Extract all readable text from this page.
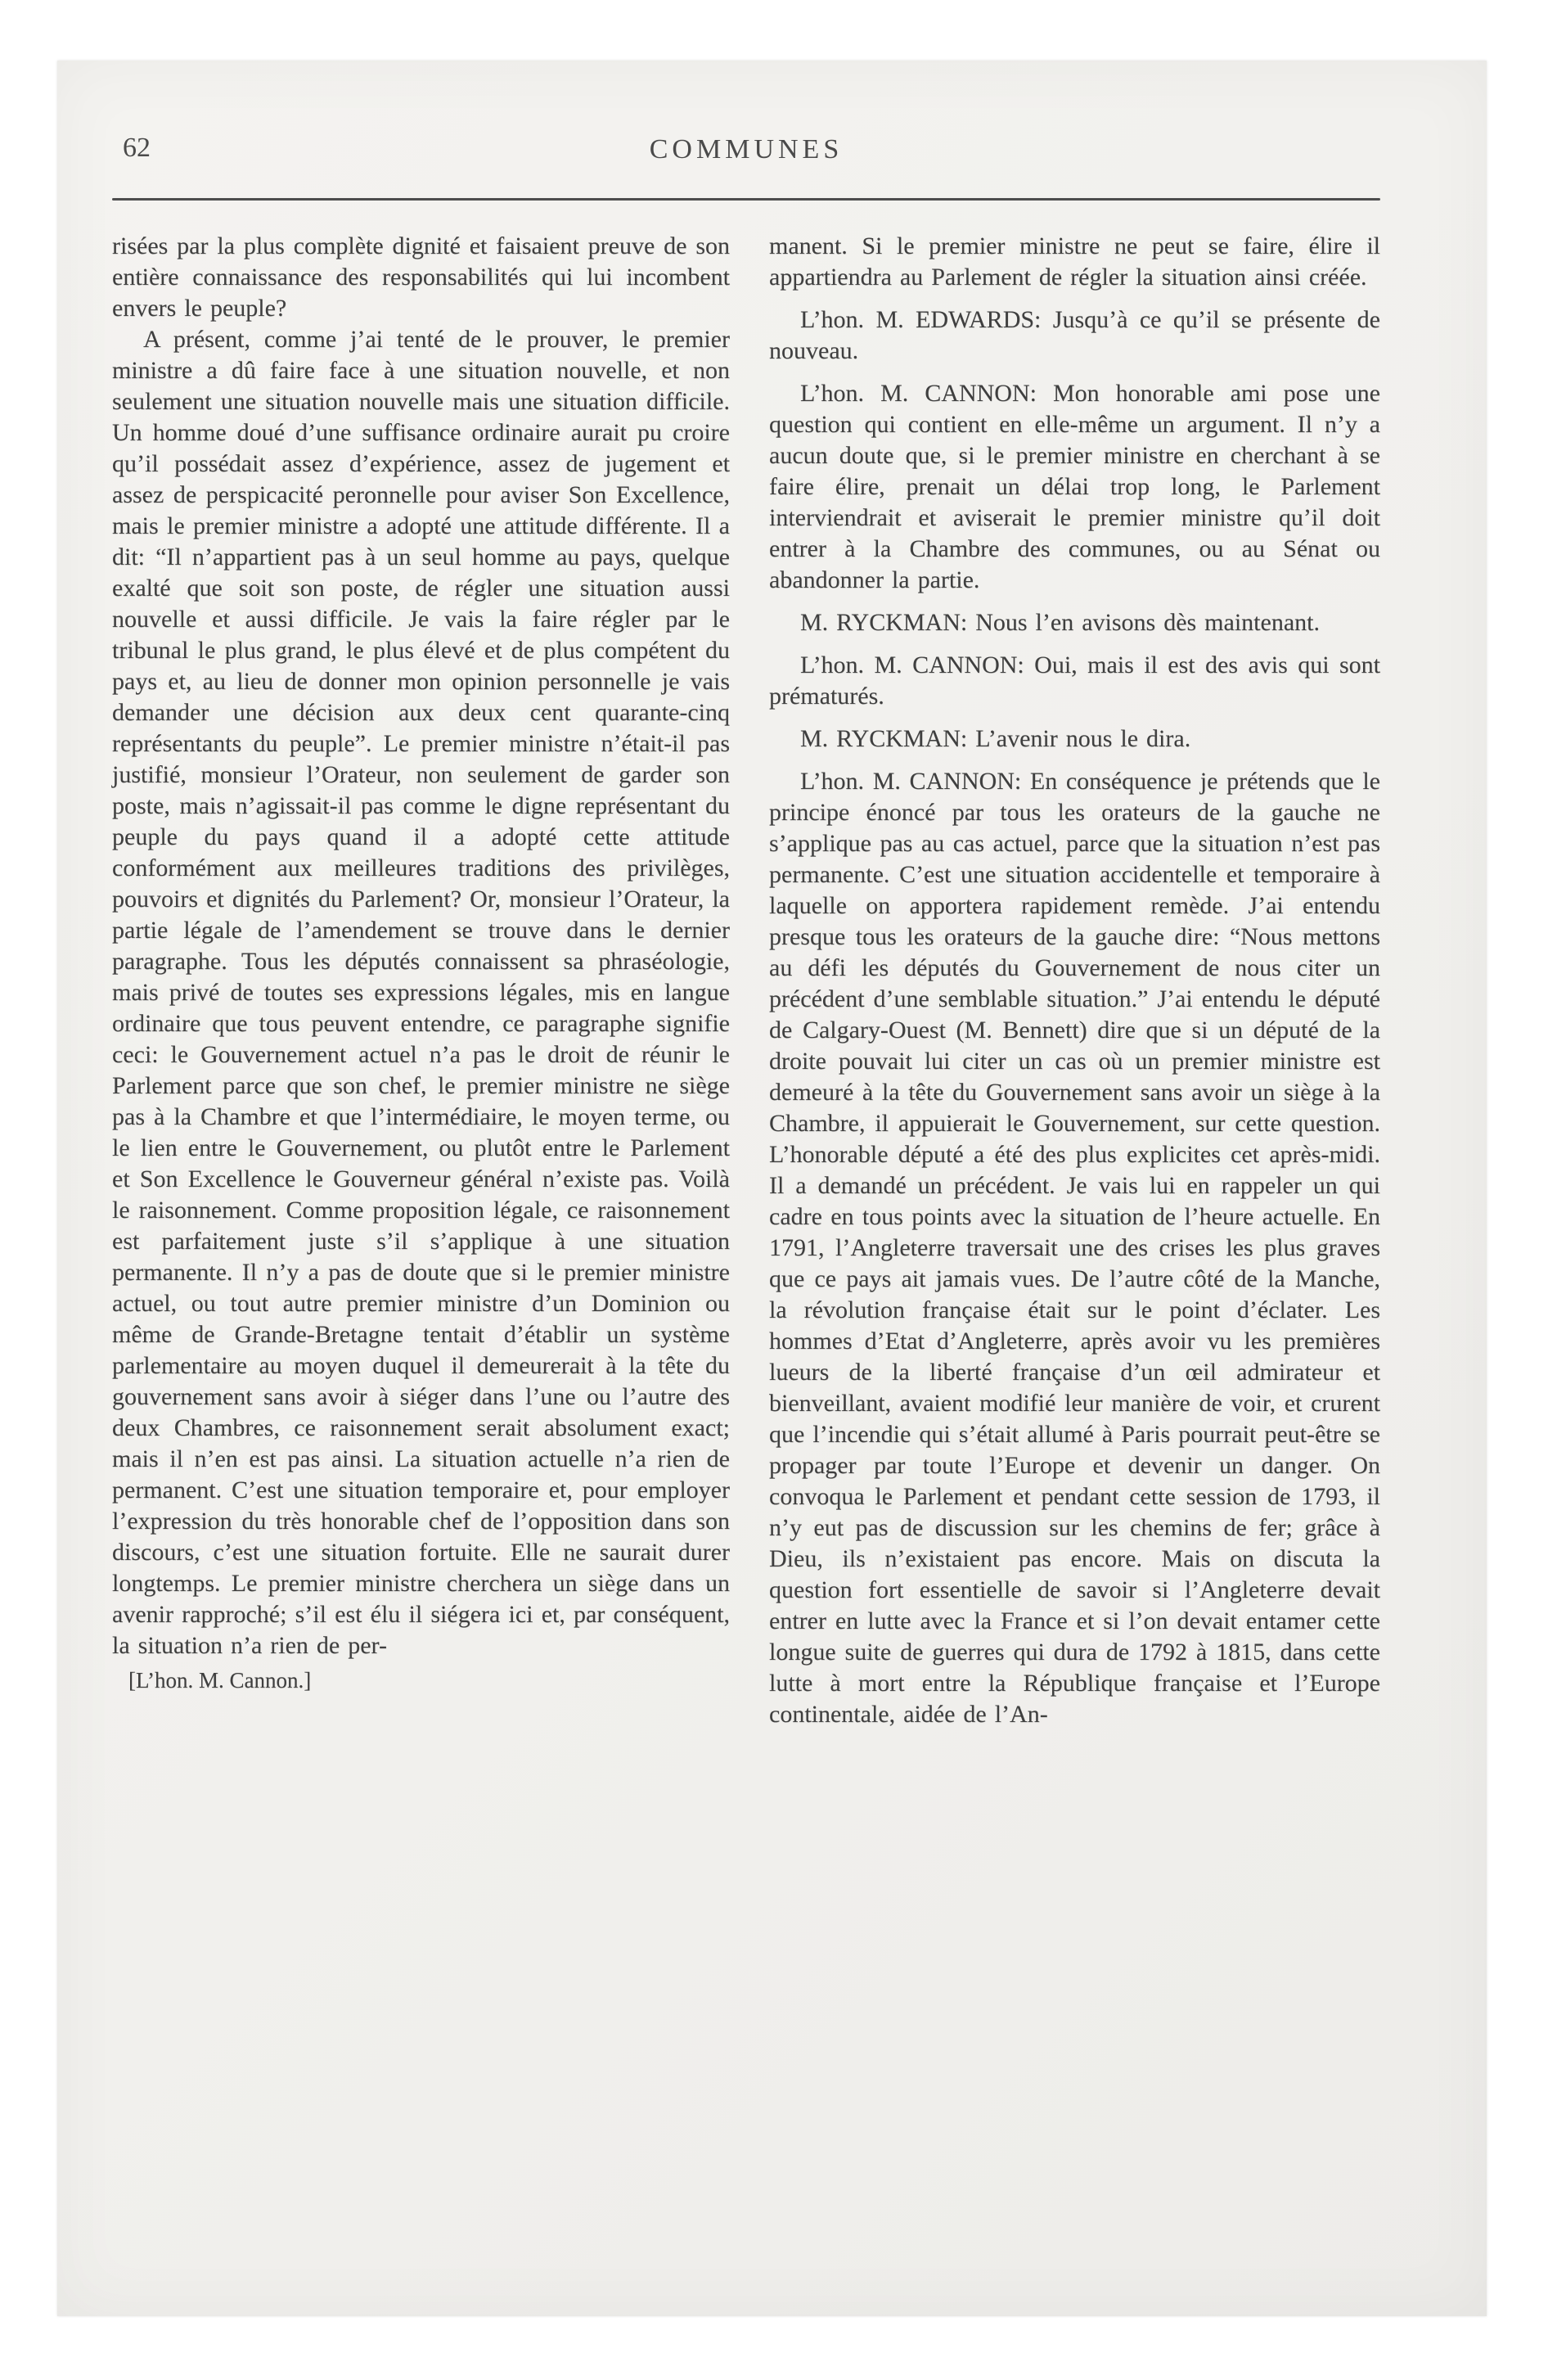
62	COMMUNES

risées par la plus complète dignité et faisaient preuve de son entière connaissance des responsabilités qui lui incombent envers le peuple?

A présent, comme j’ai tenté de le prouver, le premier ministre a dû faire face à une situation nouvelle, et non seulement une situation nouvelle mais une situation difficile. Un homme doué d’une suffisance ordinaire aurait pu croire qu’il possédait assez d’expérience, assez de jugement et assez de perspicacité peronnelle pour aviser Son Excellence, mais le premier ministre a adopté une attitude différente. Il a dit: “Il n’appartient pas à un seul homme au pays, quelque exalté que soit son poste, de régler une situation aussi nouvelle et aussi difficile. Je vais la faire régler par le tribunal le plus grand, le plus élevé et de plus compétent du pays et, au lieu de donner mon opinion personnelle je vais demander une décision aux deux cent quarante-cinq représentants du peuple”. Le premier ministre n’était-il pas justifié, monsieur l’Orateur, non seulement de garder son poste, mais n’agissait-il pas comme le digne représentant du peuple du pays quand il a adopté cette attitude conformément aux meilleures traditions des privilèges, pouvoirs et dignités du Parlement? Or, monsieur l’Orateur, la partie légale de l’amendement se trouve dans le dernier paragraphe. Tous les députés connaissent sa phraséologie, mais privé de toutes ses expressions légales, mis en langue ordinaire que tous peuvent entendre, ce paragraphe signifie ceci: le Gouvernement actuel n’a pas le droit de réunir le Parlement parce que son chef, le premier ministre ne siège pas à la Chambre et que l’intermédiaire, le moyen terme, ou le lien entre le Gouvernement, ou plutôt entre le Parlement et Son Excellence le Gouverneur général n’existe pas. Voilà le raisonnement. Comme proposition légale, ce raisonnement est parfaitement juste s’il s’applique à une situation permanente. Il n’y a pas de doute que si le premier ministre actuel, ou tout autre premier ministre d’un Dominion ou même de Grande-Bretagne tentait d’établir un système parlementaire au moyen duquel il demeurerait à la tête du gouvernement sans avoir à siéger dans l’une ou l’autre des deux Chambres, ce raisonnement serait absolument exact; mais il n’en est pas ainsi. La situation actuelle n’a rien de permanent. C’est une situation temporaire et, pour employer l’expression du très honorable chef de l’opposition dans son discours, c’est une situation fortuite. Elle ne saurait durer longtemps. Le premier ministre cherchera un siège dans un avenir rapproché; s’il est élu il siégera ici et, par conséquent, la situation n’a rien de per-

[L’hon. M. Cannon.]

manent. Si le premier ministre ne peut se faire, élire il appartiendra au Parlement de régler la situation ainsi créée.

L’hon. M. EDWARDS: Jusqu’à ce qu’il se présente de nouveau.

L’hon. M. CANNON: Mon honorable ami pose une question qui contient en elle-même un argument. Il n’y a aucun doute que, si le premier ministre en cherchant à se faire élire, prenait un délai trop long, le Parlement interviendrait et aviserait le premier ministre qu’il doit entrer à la Chambre des communes, ou au Sénat ou abandonner la partie.

M. RYCKMAN: Nous l’en avisons dès maintenant.

L’hon. M. CANNON: Oui, mais il est des avis qui sont prématurés.

M. RYCKMAN: L’avenir nous le dira.

L’hon. M. CANNON: En conséquence je prétends que le principe énoncé par tous les orateurs de la gauche ne s’applique pas au cas actuel, parce que la situation n’est pas permanente. C’est une situation accidentelle et temporaire à laquelle on apportera rapidement remède. J’ai entendu presque tous les orateurs de la gauche dire: “Nous mettons au défi les députés du Gouvernement de nous citer un précédent d’une semblable situation.” J’ai entendu le député de Calgary-Ouest (M. Bennett) dire que si un député de la droite pouvait lui citer un cas où un premier ministre est demeuré à la tête du Gouvernement sans avoir un siège à la Chambre, il appuierait le Gouvernement, sur cette question. L’honorable député a été des plus explicites cet après-midi. Il a demandé un précédent. Je vais lui en rappeler un qui cadre en tous points avec la situation de l’heure actuelle. En 1791, l’Angleterre traversait une des crises les plus graves que ce pays ait jamais vues. De l’autre côté de la Manche, la révolution française était sur le point d’éclater. Les hommes d’Etat d’Angleterre, après avoir vu les premières lueurs de la liberté française d’un œil admirateur et bienveillant, avaient modifié leur manière de voir, et crurent que l’incendie qui s’était allumé à Paris pourrait peut-être se propager par toute l’Europe et devenir un danger. On convoqua le Parlement et pendant cette session de 1793, il n’y eut pas de discussion sur les chemins de fer; grâce à Dieu, ils n’existaient pas encore. Mais on discuta la question fort essentielle de savoir si l’Angleterre devait entrer en lutte avec la France et si l’on devait entamer cette longue suite de guerres qui dura de 1792 à 1815, dans cette lutte à mort entre la République française et l’Europe continentale, aidée de l’An-
